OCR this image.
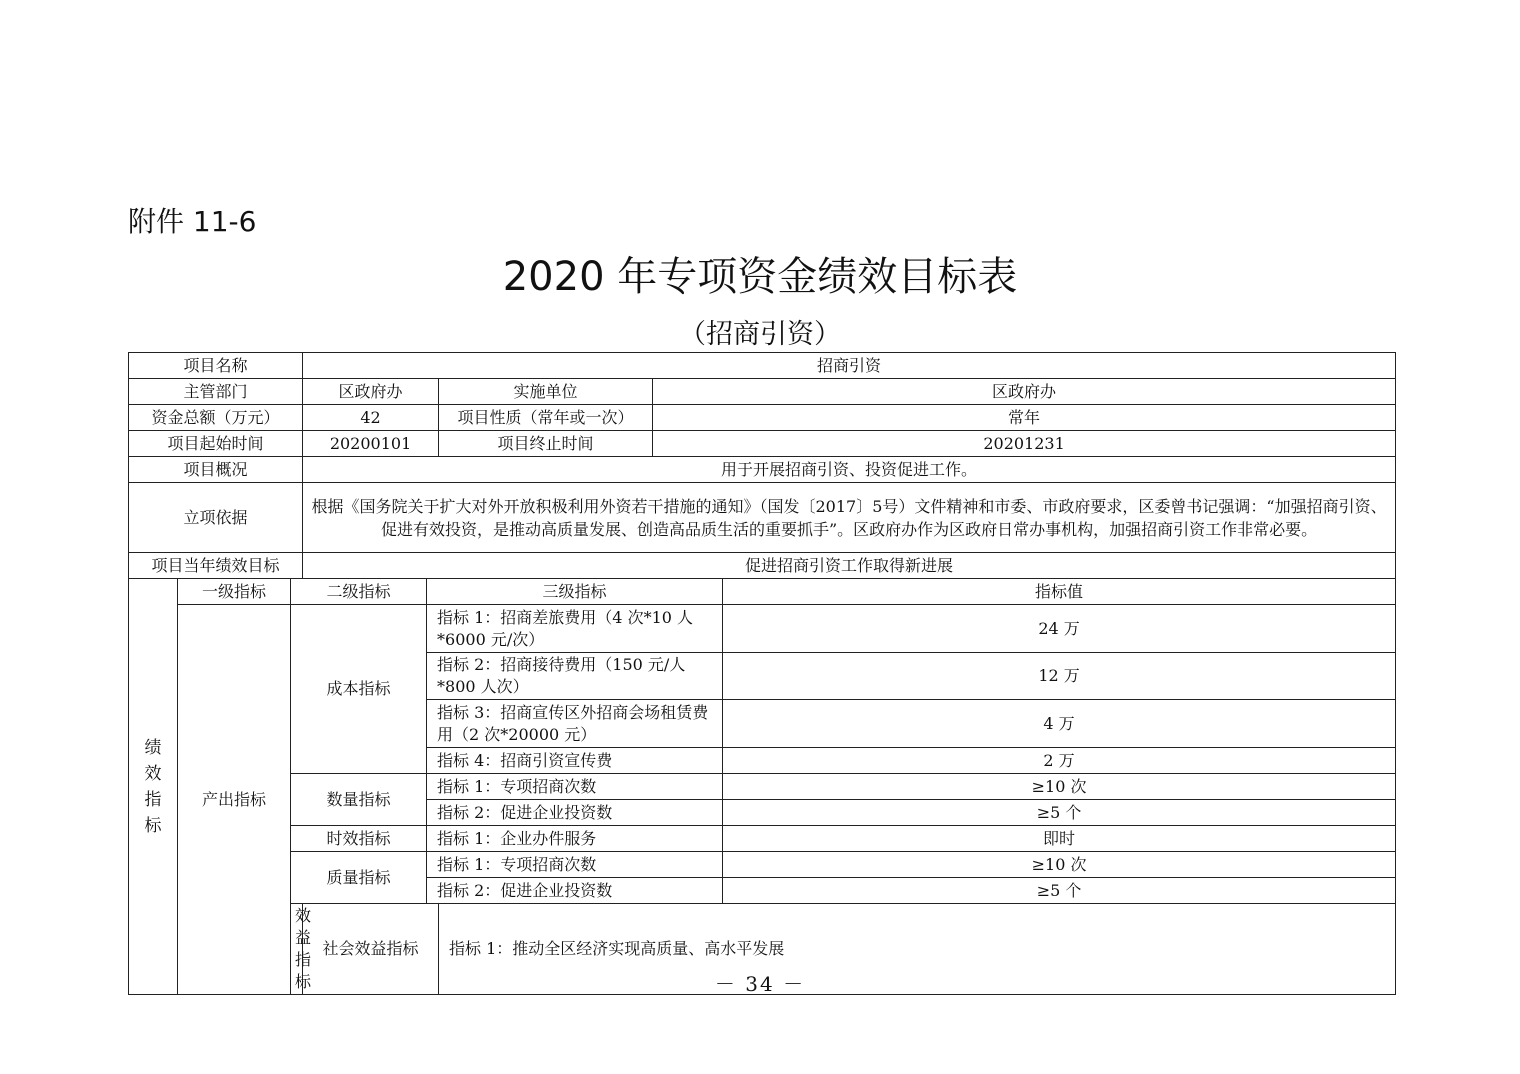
附件 11-6
2020 年专项资金绩效目标表
（招商引资）
项目名称			招商引资					
主管部门			区政府办		实施单位	区政府办		
资金总额（万元）			42		项目性质（常年或一次）	常年		
项目起始时间			20200101		项目终止时间	20201231		
项目概况			用于开展招商引资、投资促进工作。					
立项依据			根据《国务院关于扩大对外开放积极利用外资若干措施的通知》（国发〔2017〕5号）文件精神和市委、市政府要求，区委曾书记强调：“加强招商引资、促进有效投资，是推动高质量发展、创造高品质生活的重要抓手”。区政府办作为区政府日常办事机构，加强招商引资工作非常必要。					
项目当年绩效目标			促进招商引资工作取得新进展					
绩效指标	一级指标	二级指标		三级指标			指标值	
	产出指标	成本指标		指标 1：招商差旅费用（4 次*10 人*6000 元/次）			24 万	
				指标 2：招商接待费用（150 元/人*800 人次）			12 万	
				指标 3：招商宣传区外招商会场租赁费用（2 次*20000 元）			4 万	
				指标 4：招商引资宣传费			2 万	
		数量指标		指标 1：专项招商次数			≥10 次	
				指标 2：促进企业投资数			≥5 个	
		时效指标		指标 1：企业办件服务			即时	
		质量指标		指标 1：专项招商次数			≥10 次	
				指标 2：促进企业投资数			≥5 个	
		效益指标	社会效益指标		指标 1：推动全区经济实现高质量、高水平发展	
－ 34 －
